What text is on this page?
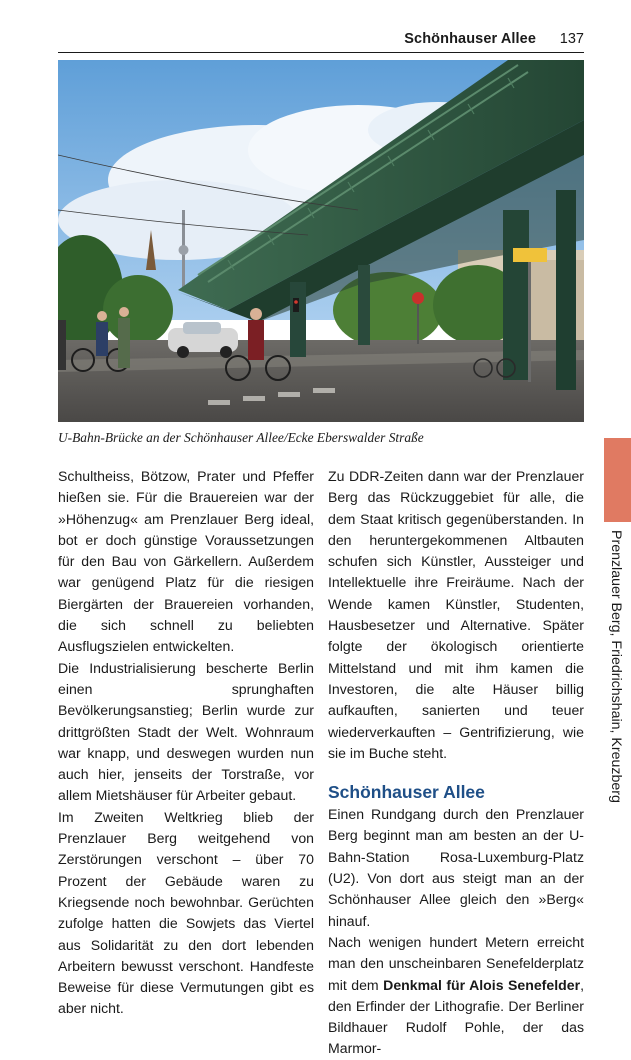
Schönhauser Allee 137
U-Bahn-Brücke an der Schönhauser Allee/Ecke Eberswalder Straße

Schultheiss, Bötzow, Prater und Pfeffer hießen sie. Für die Brauereien war der »Höhenzug« am Prenzlauer Berg ideal, bot er doch günstige Voraussetzungen für den Bau von Gärkellern. Außerdem war genügend Platz für die riesigen Biergärten der Brauereien vorhanden, die sich schnell zu beliebten Ausflugszielen entwickelten.

Die Industrialisierung bescherte Berlin einen sprunghaften Bevölkerungsanstieg; Berlin wurde zur drittgrößten Stadt der Welt. Wohnraum war knapp, und deswegen wurden nun auch hier, jenseits der Torstraße, vor allem Mietshäuser für Arbeiter gebaut.

Im Zweiten Weltkrieg blieb der Prenzlauer Berg weitgehend von Zerstörungen verschont – über 70 Prozent der Gebäude waren zu Kriegsende noch bewohnbar. Gerüchten zufolge hatten die Sowjets das Viertel aus Solidarität zu den dort lebenden Arbeitern bewusst verschont. Handfeste Beweise für diese Vermutungen gibt es aber nicht.

Zu DDR-Zeiten dann war der Prenzlauer Berg das Rückzuggebiet für alle, die dem Staat kritisch gegenüberstanden. In den heruntergekommenen Altbauten schufen sich Künstler, Aussteiger und Intellektuelle ihre Freiräume. Nach der Wende kamen Künstler, Studenten, Hausbesetzer und Alternative. Später folgte der ökologisch orientierte Mittelstand und mit ihm kamen die Investoren, die alte Häuser billig aufkauften, sanierten und teuer wiederverkauften – Gentrifizierung, wie sie im Buche steht.

Schönhauser Allee

Einen Rundgang durch den Prenzlauer Berg beginnt man am besten an der U-Bahn-Station Rosa-Luxemburg-Platz (U2). Von dort aus steigt man an der Schönhauser Allee gleich den »Berg« hinauf.

Nach wenigen hundert Metern erreicht man den unscheinbaren Senefelderplatz mit dem Denkmal für Alois Senefelder, den Erfinder der Lithografie. Der Berliner Bildhauer Rudolf Pohle, der das Marmor-

Prenzlauer Berg, Friedrichshain, Kreuzberg
